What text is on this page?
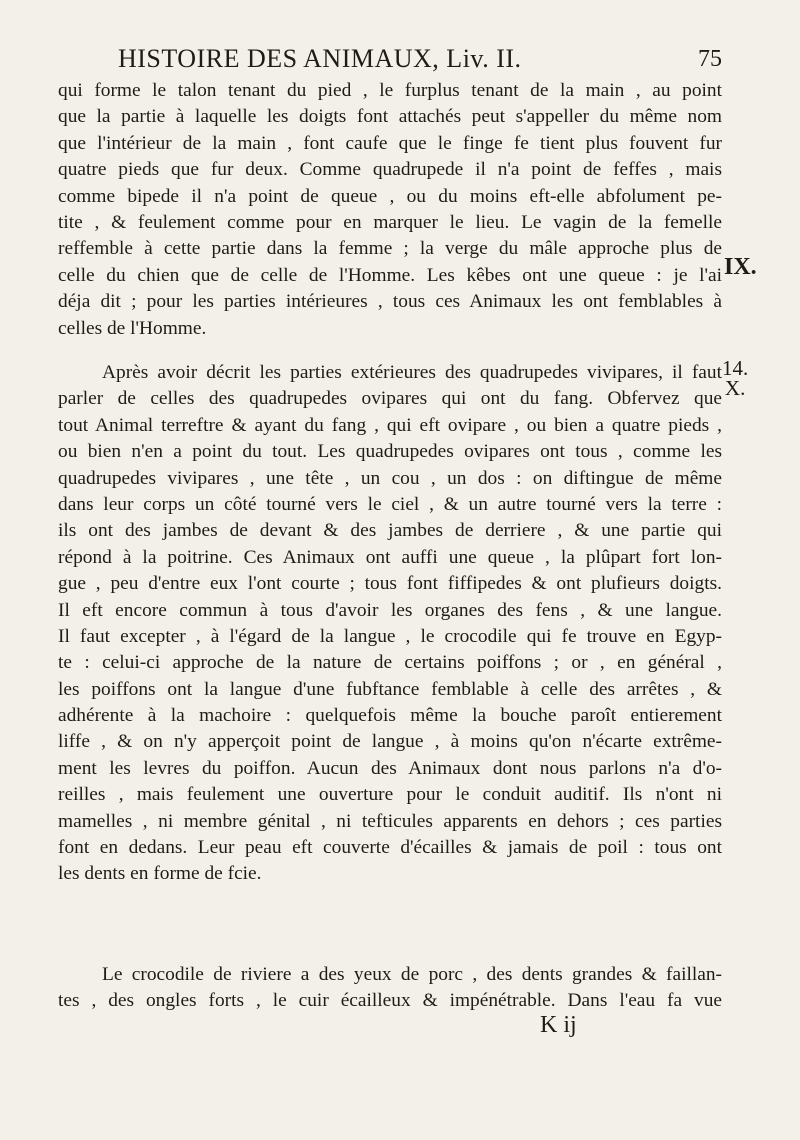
HISTOIRE DES ANIMAUX, Liv. II.	75
qui forme le talon tenant du pied , le furplus tenant de la main , au point
que la partie à laquelle les doigts font attachés peut s'appeller du même nom
que l'intérieur de la main , font caufe que le finge fe tient plus fouvent fur
quatre pieds que fur deux. Comme quadrupede il n'a point de feffes , mais
comme bipede il n'a point de queue , ou du moins eft-elle abfolument pe-
tite , & feulement comme pour en marquer le lieu. Le vagin de la femelle
reffemble à cette partie dans la femme ; la verge du mâle approche plus de
celle du chien que de celle de l'Homme. Les kêbes ont une queue : je l'ai
déja dit ; pour les parties intérieures , tous ces Animaux les ont femblables à
celles de l'Homme.
Après avoir décrit les parties extérieures des quadrupedes vivipares, il faut
parler de celles des quadrupedes ovipares qui ont du fang. Obfervez que
tout Animal terreftre & ayant du fang , qui eft ovipare , ou bien a quatre pieds ,
ou bien n'en a point du tout. Les quadrupedes ovipares ont tous , comme les
quadrupedes vivipares , une tête , un cou , un dos : on diftingue de même
dans leur corps un côté tourné vers le ciel , & un autre tourné vers la terre :
ils ont des jambes de devant & des jambes de derriere , & une partie qui
répond à la poitrine. Ces Animaux ont auffi une queue , la plûpart fort lon-
gue , peu d'entre eux l'ont courte ; tous font fiffipedes & ont plufieurs doigts.
Il eft encore commun à tous d'avoir les organes des fens , & une langue.
Il faut excepter , à l'égard de la langue , le crocodile qui fe trouve en Egyp-
te : celui-ci approche de la nature de certains poiffons ; or , en général ,
les poiffons ont la langue d'une fubftance femblable à celle des arrêtes , &
adhérente à la machoire : quelquefois même la bouche paroît entierement
liffe , & on n'y apperçoit point de langue , à moins qu'on n'écarte extrême-
ment les levres du poiffon. Aucun des Animaux dont nous parlons n'a d'o-
reilles , mais feulement une ouverture pour le conduit auditif. Ils n'ont ni
mamelles , ni membre génital , ni tefticules apparents en dehors ; ces parties
font en dedans. Leur peau eft couverte d'écailles & jamais de poil : tous ont
les dents en forme de fcie.
Le crocodile de riviere a des yeux de porc , des dents grandes & faillan-
tes , des ongles forts , le cuir écailleux & impénétrable. Dans l'eau fa vue
IX.
14.
X.
K ij
